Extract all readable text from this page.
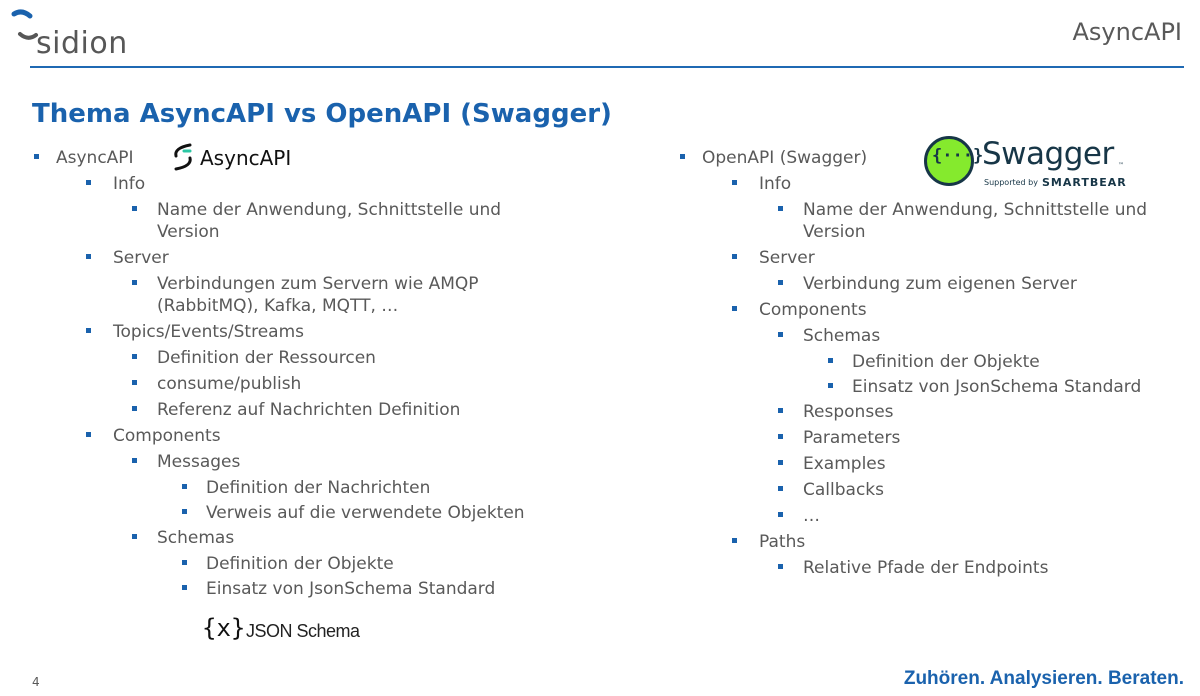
sidion	AsyncAPI
Thema AsyncAPI vs OpenAPI (Swagger)
AsyncAPI	{···}
Swagger ™
Supported by SMARTBEAR
AsyncAPI
Info
Name der Anwendung, Schnittstelle und Version
Server
Verbindungen zum Servern wie AMQP (RabbitMQ), Kafka, MQTT, …
Topics/Events/Streams
Definition der Ressourcen
consume/publish
Referenz auf Nachrichten Definition
Components
Messages
Definition der Nachrichten
Verweis auf die verwendete Objekten
Schemas
Definition der Objekte
Einsatz von JsonSchema Standard
{x} JSON Schema
OpenAPI (Swagger)
Info
Name der Anwendung, Schnittstelle und Version
Server
Verbindung zum eigenen Server
Components
Schemas
Definition der Objekte
Einsatz von JsonSchema Standard
Responses
Parameters
Examples
Callbacks
…
Paths
Relative Pfade der Endpoints
4	Zuhören. Analysieren. Beraten.
